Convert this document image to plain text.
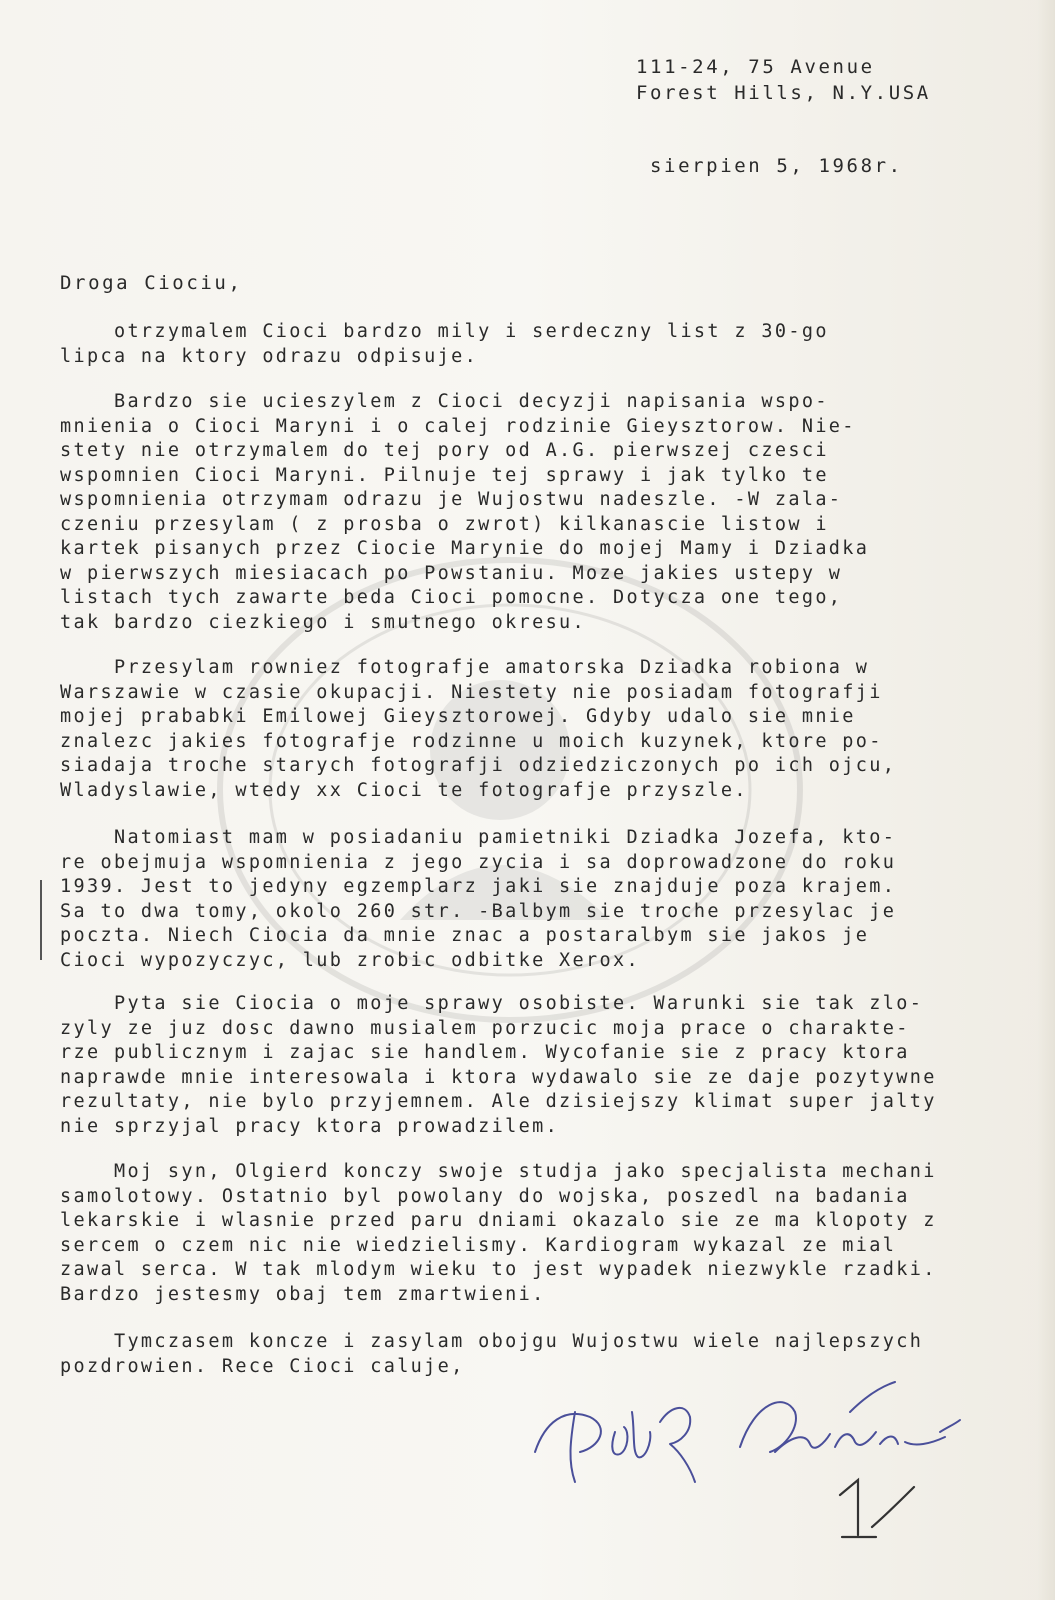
111-24, 75 Avenue
Forest Hills, N.Y.USA
sierpien 5, 1968r.
Droga Ciociu,
otrzymalem Cioci bardzo mily i serdeczny list z 30-go
lipca na ktory odrazu odpisuje.
Bardzo sie ucieszylem z Cioci decyzji napisania wspo-
mnienia o Cioci Maryni i o calej rodzinie Gieysztorow. Nie-
stety nie otrzymalem do tej pory od A.G. pierwszej czesci
wspomnien Cioci Maryni. Pilnuje tej sprawy i jak tylko te
wspomnienia otrzymam odrazu je Wujostwu nadeszle. -W zala-
czeniu przesylam ( z prosba o zwrot) kilkanascie listow i
kartek pisanych przez Ciocie Marynie do mojej Mamy i Dziadka
w pierwszych miesiacach po Powstaniu. Moze jakies ustepy w
listach tych zawarte beda Cioci pomocne. Dotycza one tego,
tak bardzo ciezkiego i smutnego okresu.
Przesylam rowniez fotografje amatorska Dziadka robiona w
Warszawie w czasie okupacji. Niestety nie posiadam fotografji
mojej prababki Emilowej Gieysztorowej. Gdyby udalo sie mnie
znalezc jakies fotografje rodzinne u moich kuzynek, ktore po-
siadaja troche starych fotografji odziedziczonych po ich ojcu,
Wladyslawie, wtedy xx Cioci te fotografje przyszle.
Natomiast mam w posiadaniu pamietniki Dziadka Jozefa, kto-
re obejmuja wspomnienia z jego zycia i sa doprowadzone do roku
1939. Jest to jedyny egzemplarz jaki sie znajduje poza krajem.
Sa to dwa tomy, okolo 260 str. -Balbym sie troche przesylac je
poczta. Niech Ciocia da mnie znac a postaralbym sie jakos je
Cioci wypozyczyc, lub zrobic odbitke Xerox.
Pyta sie Ciocia o moje sprawy osobiste. Warunki sie tak zlo-
zyly ze juz dosc dawno musialem porzucic moja prace o charakte-
rze publicznym i zajac sie handlem. Wycofanie sie z pracy ktora
naprawde mnie interesowala i ktora wydawalo sie ze daje pozytywne
rezultaty, nie bylo przyjemnem. Ale dzisiejszy klimat super jalty
nie sprzyjal pracy ktora prowadzilem.
Moj syn, Olgierd konczy swoje studja jako specjalista mechani
samolotowy. Ostatnio byl powolany do wojska, poszedl na badania
lekarskie i wlasnie przed paru dniami okazalo sie ze ma klopoty z
sercem o czem nic nie wiedzielismy. Kardiogram wykazal ze mial
zawal serca. W tak mlodym wieku to jest wypadek niezwykle rzadki.
Bardzo jestesmy obaj tem zmartwieni.
Tymczasem koncze i zasylam obojgu Wujostwu wiele najlepszych
pozdrowien. Rece Cioci caluje,
1
